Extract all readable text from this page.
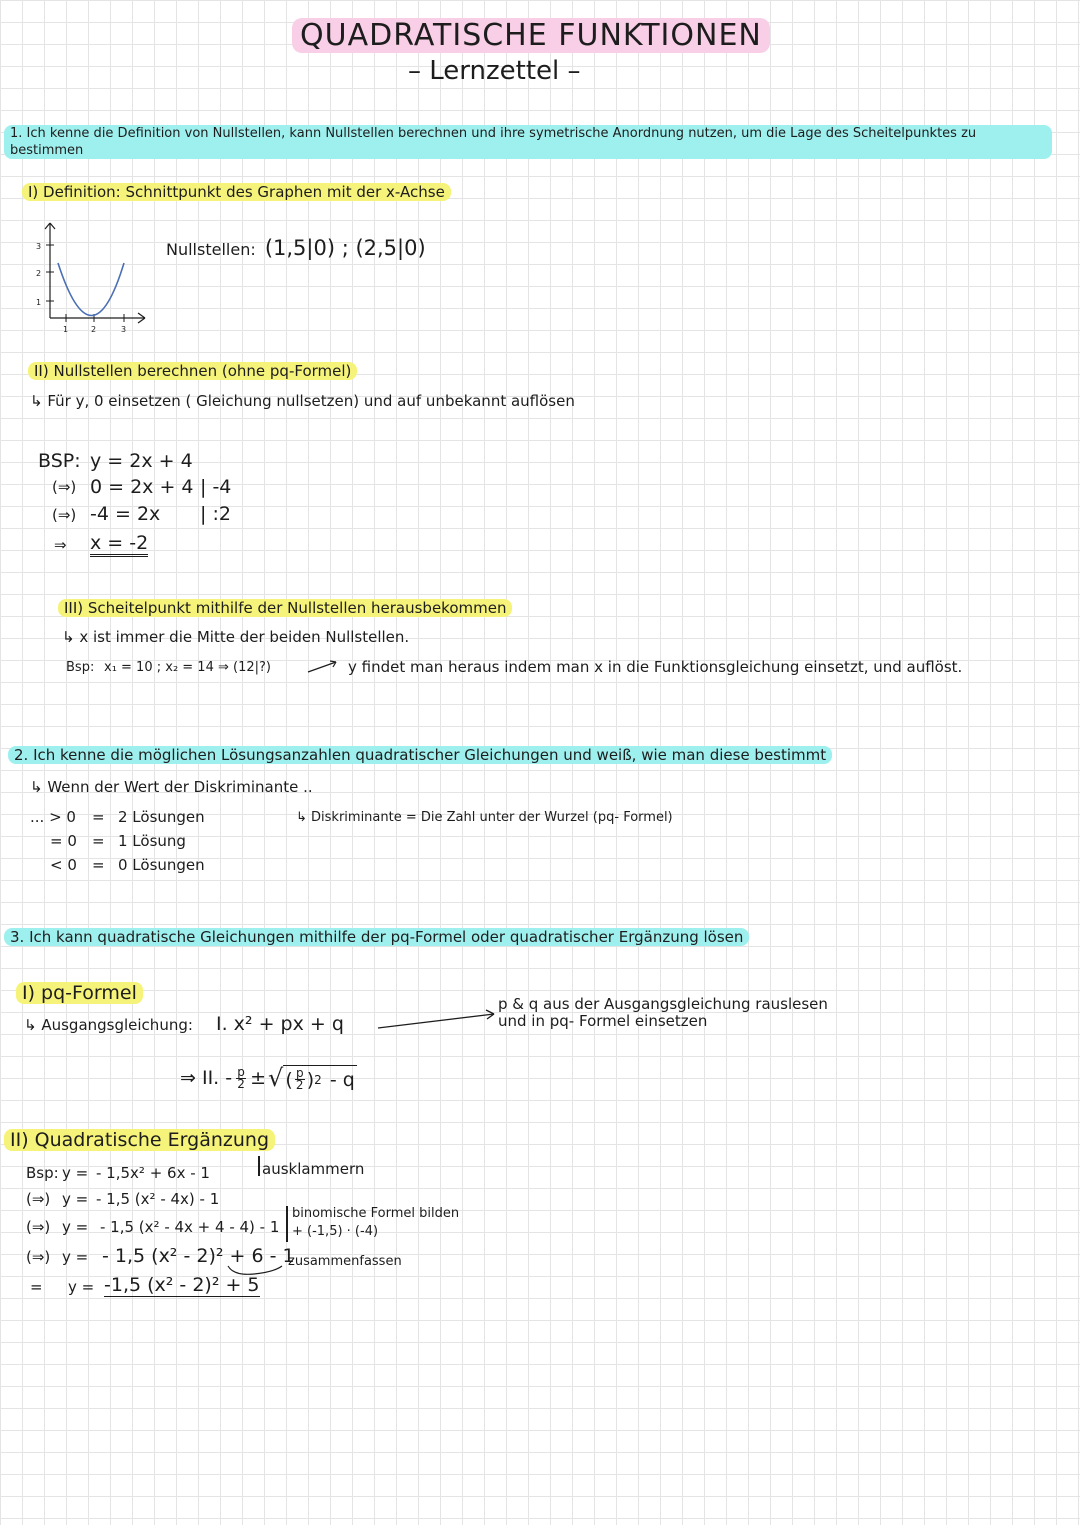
QUADRATISCHE FUNKTIONEN
– Lernzettel –
1. Ich kenne die Definition von Nullstellen, kann Nullstellen berechnen und ihre symetrische Anordnung nutzen, um die Lage des Scheitelpunktes zu
bestimmen
I) Definition: Schnittpunkt des Graphen mit der x-Achse
Nullstellen: (1,5|0) ; (2,5|0)
3
2
1
1	2	3
II) Nullstellen berechnen (ohne pq-Formel)
↳ Für y, 0 einsetzen ( Gleichung nullsetzen) und auf unbekannt auflösen
BSP: y = 2x + 4
(⇒) 0 = 2x + 4 | -4
(⇒) -4 = 2x | :2
⇒ x = -2
III) Scheitelpunkt mithilfe der Nullstellen herausbekommen
↳ x ist immer die Mitte der beiden Nullstellen.
Bsp: x₁ = 10 ; x₂ = 14 ⇒ (12|?)	y findet man heraus indem man x in die Funktionsgleichung einsetzt, und auflöst.
2. Ich kenne die möglichen Lösungsanzahlen quadratischer Gleichungen und weiß, wie man diese bestimmt
↳ Wenn der Wert der Diskriminante ..
... > 0 = 2 Lösungen
= 0 = 1 Lösung
< 0 = 0 Lösungen
↳ Diskriminante = Die Zahl unter der Wurzel (pq- Formel)
3. Ich kann quadratische Gleichungen mithilfe der pq-Formel oder quadratischer Ergänzung lösen
I) pq-Formel
↳ Ausgangsgleichung: I. x² + px + q
p & q aus der Ausgangsgleichung rauslesen
und in pq- Formel einsetzen
⇒ II. - p
2 ± √ ( p
2 ) 2 - q
II) Quadratische Ergänzung
Bsp: y = - 1,5x² + 6x - 1	ausklammern
(⇒) y = - 1,5 (x² - 4x) - 1
(⇒) y = - 1,5 (x² - 4x + 4 - 4) - 1
binomische Formel bilden
+ (-1,5) · (-4)
(⇒) y = - 1,5 (x² - 2)² + 6 - 1
zusammenfassen
= y = -1,5 (x² - 2)² + 5
